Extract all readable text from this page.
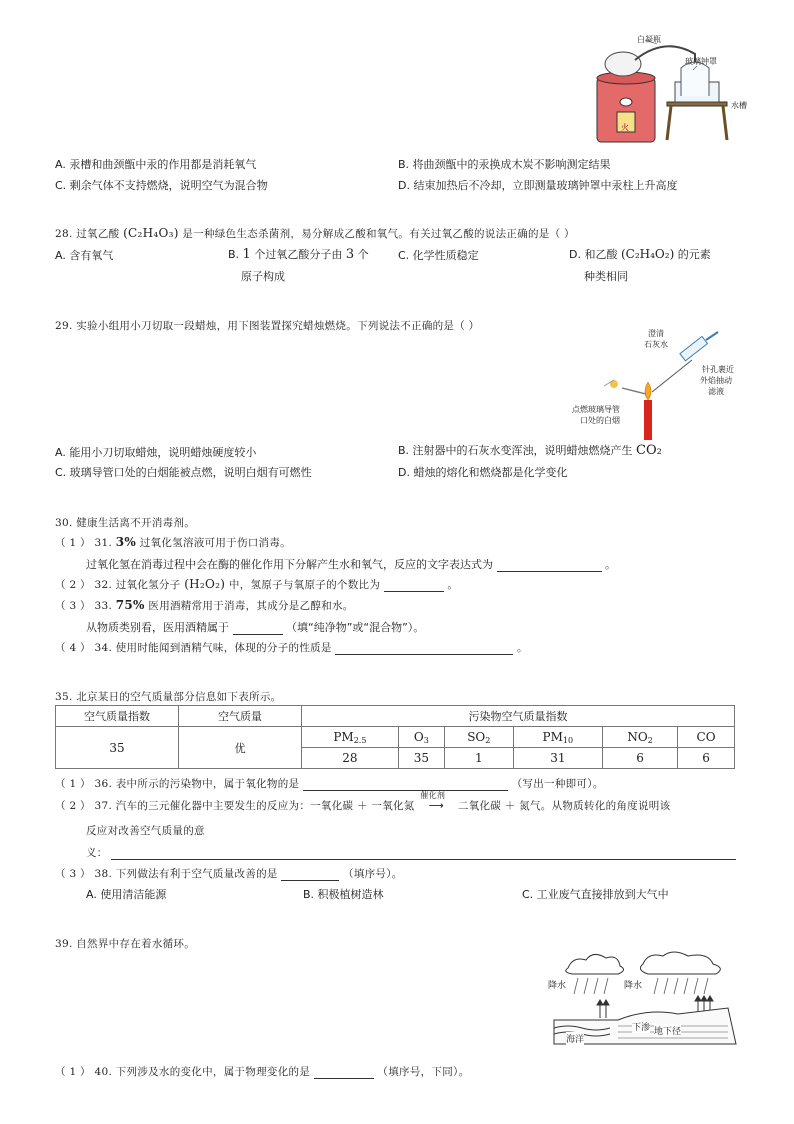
白凝瓶
玻璃钟罩
水槽
火
A. 汞槽和曲颈甑中汞的作用都是消耗氧气	B. 将曲颈甑中的汞换成木炭不影响测定结果
C. 剩余气体不支持燃烧，说明空气为混合物	D. 结束加热后不冷却，立即测量玻璃钟罩中汞柱上升高度
28. 过氧乙酸 (C₂H₄O₃) 是一种绿色生态杀菌剂，易分解成乙酸和氧气。有关过氧乙酸的说法正确的是（ ）
A. 含有氧气	B. 1 个过氧乙酸分子由 3 个
原子构成
C. 化学性质稳定	D. 和乙酸 (C₂H₄O₂) 的元素
种类相同
29. 实验小组用小刀切取一段蜡烛，用下图装置探究蜡烛燃烧。下列说法不正确的是（ ）
澄清
石灰水
针孔裹近
外焰抽动
滤液
点燃玻璃导管
口处的白烟
A. 能用小刀切取蜡烛，说明蜡烛硬度较小	B. 注射器中的石灰水变浑浊，说明蜡烛燃烧产生 CO₂
C. 玻璃导管口处的白烟能被点燃，说明白烟有可燃性	D. 蜡烛的熔化和燃烧都是化学变化
30. 健康生活离不开消毒剂。
（ 1 ） 31. 3% 过氧化氢溶液可用于伤口消毒。
过氧化氢在消毒过程中会在酶的催化作用下分解产生水和氧气，反应的文字表达式为	。
（ 2 ） 32. 过氧化氢分子 (H₂O₂) 中，氢原子与氧原子的个数比为	。
（ 3 ） 33. 75% 医用酒精常用于消毒，其成分是乙醇和水。
从物质类别看，医用酒精属于	（填“纯净物”或“混合物”）。
（ 4 ） 34. 使用时能闻到酒精气味，体现的分子的性质是	。
35. 北京某日的空气质量部分信息如下表所示。
空气质量指数	空气质量	污染物空气质量指数					
35	优	$PM_{2.5}$	$O_3$	$SO_2$	$PM_{10}$	$NO_2$	CO
		28	35	1	31	6	6
（ 1 ） 36. 表中所示的污染物中，属于氧化物的是	（写出一种即可）。
（ 2 ） 37. 汽车的三元催化器中主要发生的反应为：一氧化碳 ＋ 一氧化氮
催化剂
⟶ 二氧化碳 ＋ 氮气。从物质转化的角度说明该
反应对改善空气质量的意
义：
（ 3 ） 38. 下列做法有利于空气质量改善的是	（填序号）。
A. 使用清洁能源	B. 积极植树造林	C. 工业废气直接排放到大气中
39. 自然界中存在着水循环。
降水	降水
下渗 地下径
海洋
（ 1 ） 40. 下列涉及水的变化中，属于物理变化的是	（填序号，下同）。
